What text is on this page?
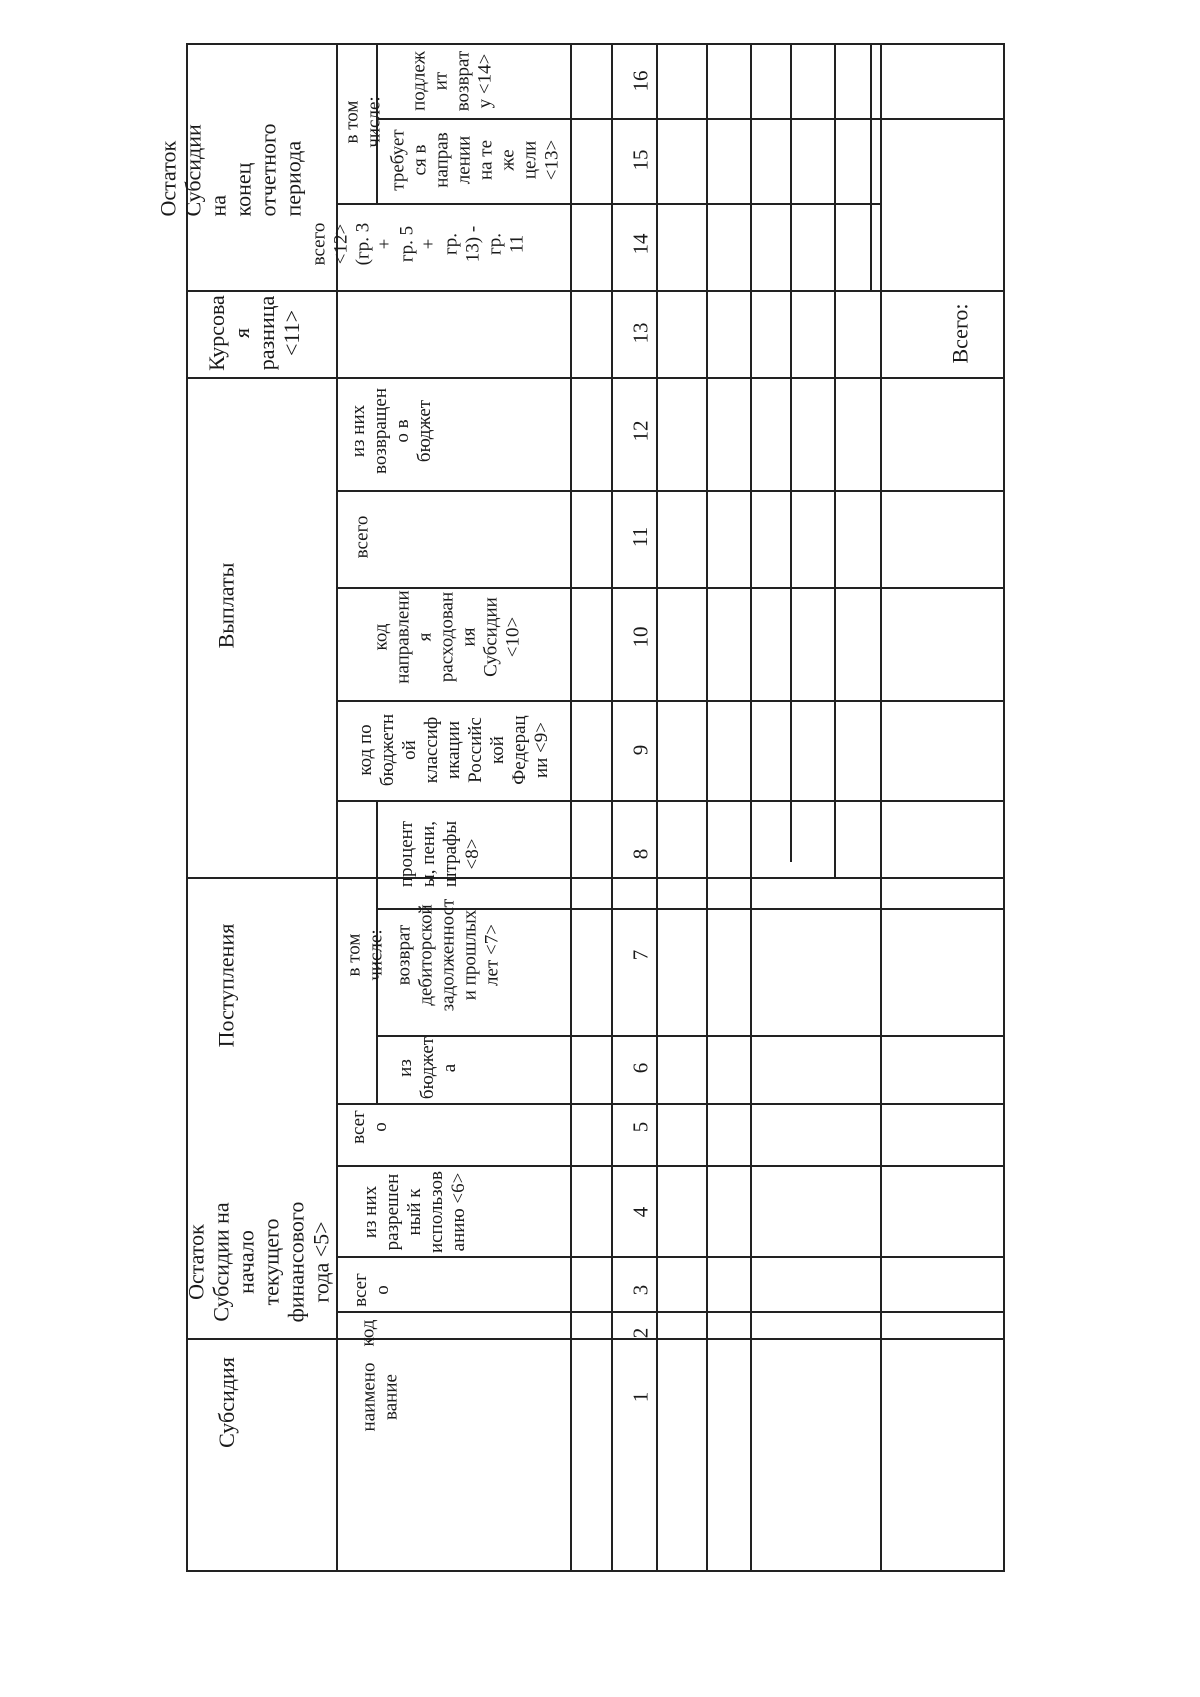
Субсидия
Остаток
Субсидии на
начало
текущего
финансового
года <5>
Поступления
Выплаты
Курсова
я
разница
<11>
Остаток Субсидии на
конец отчетного периода
наимено
вание
код
всег
о
из них
разрешен
ный к
использов
анию <6>
всег
о
в том числе:
из
бюджет
а
возврат
дебиторской
задолженност
и прошлых
лет <7>
процент
ы, пени,
штрафы
<8>
код по
бюджетн
ой
классиф
икации
Российс
кой
Федерац
ии <9>
код
направлени
я
расходован
ия
Субсидии
<10>
всего
из них
возвращен
о в бюджет
всего
<12>
(гр. 3 +
гр. 5 +
гр. 13) -
гр. 11
в том числе:
требует
ся в
направ
лении
на те
же цели
<13>
подлеж
ит
возврат
у <14>
1
2
3
4
5
6
7
8
9
10
11
12
13
14
15
16
Всего:
